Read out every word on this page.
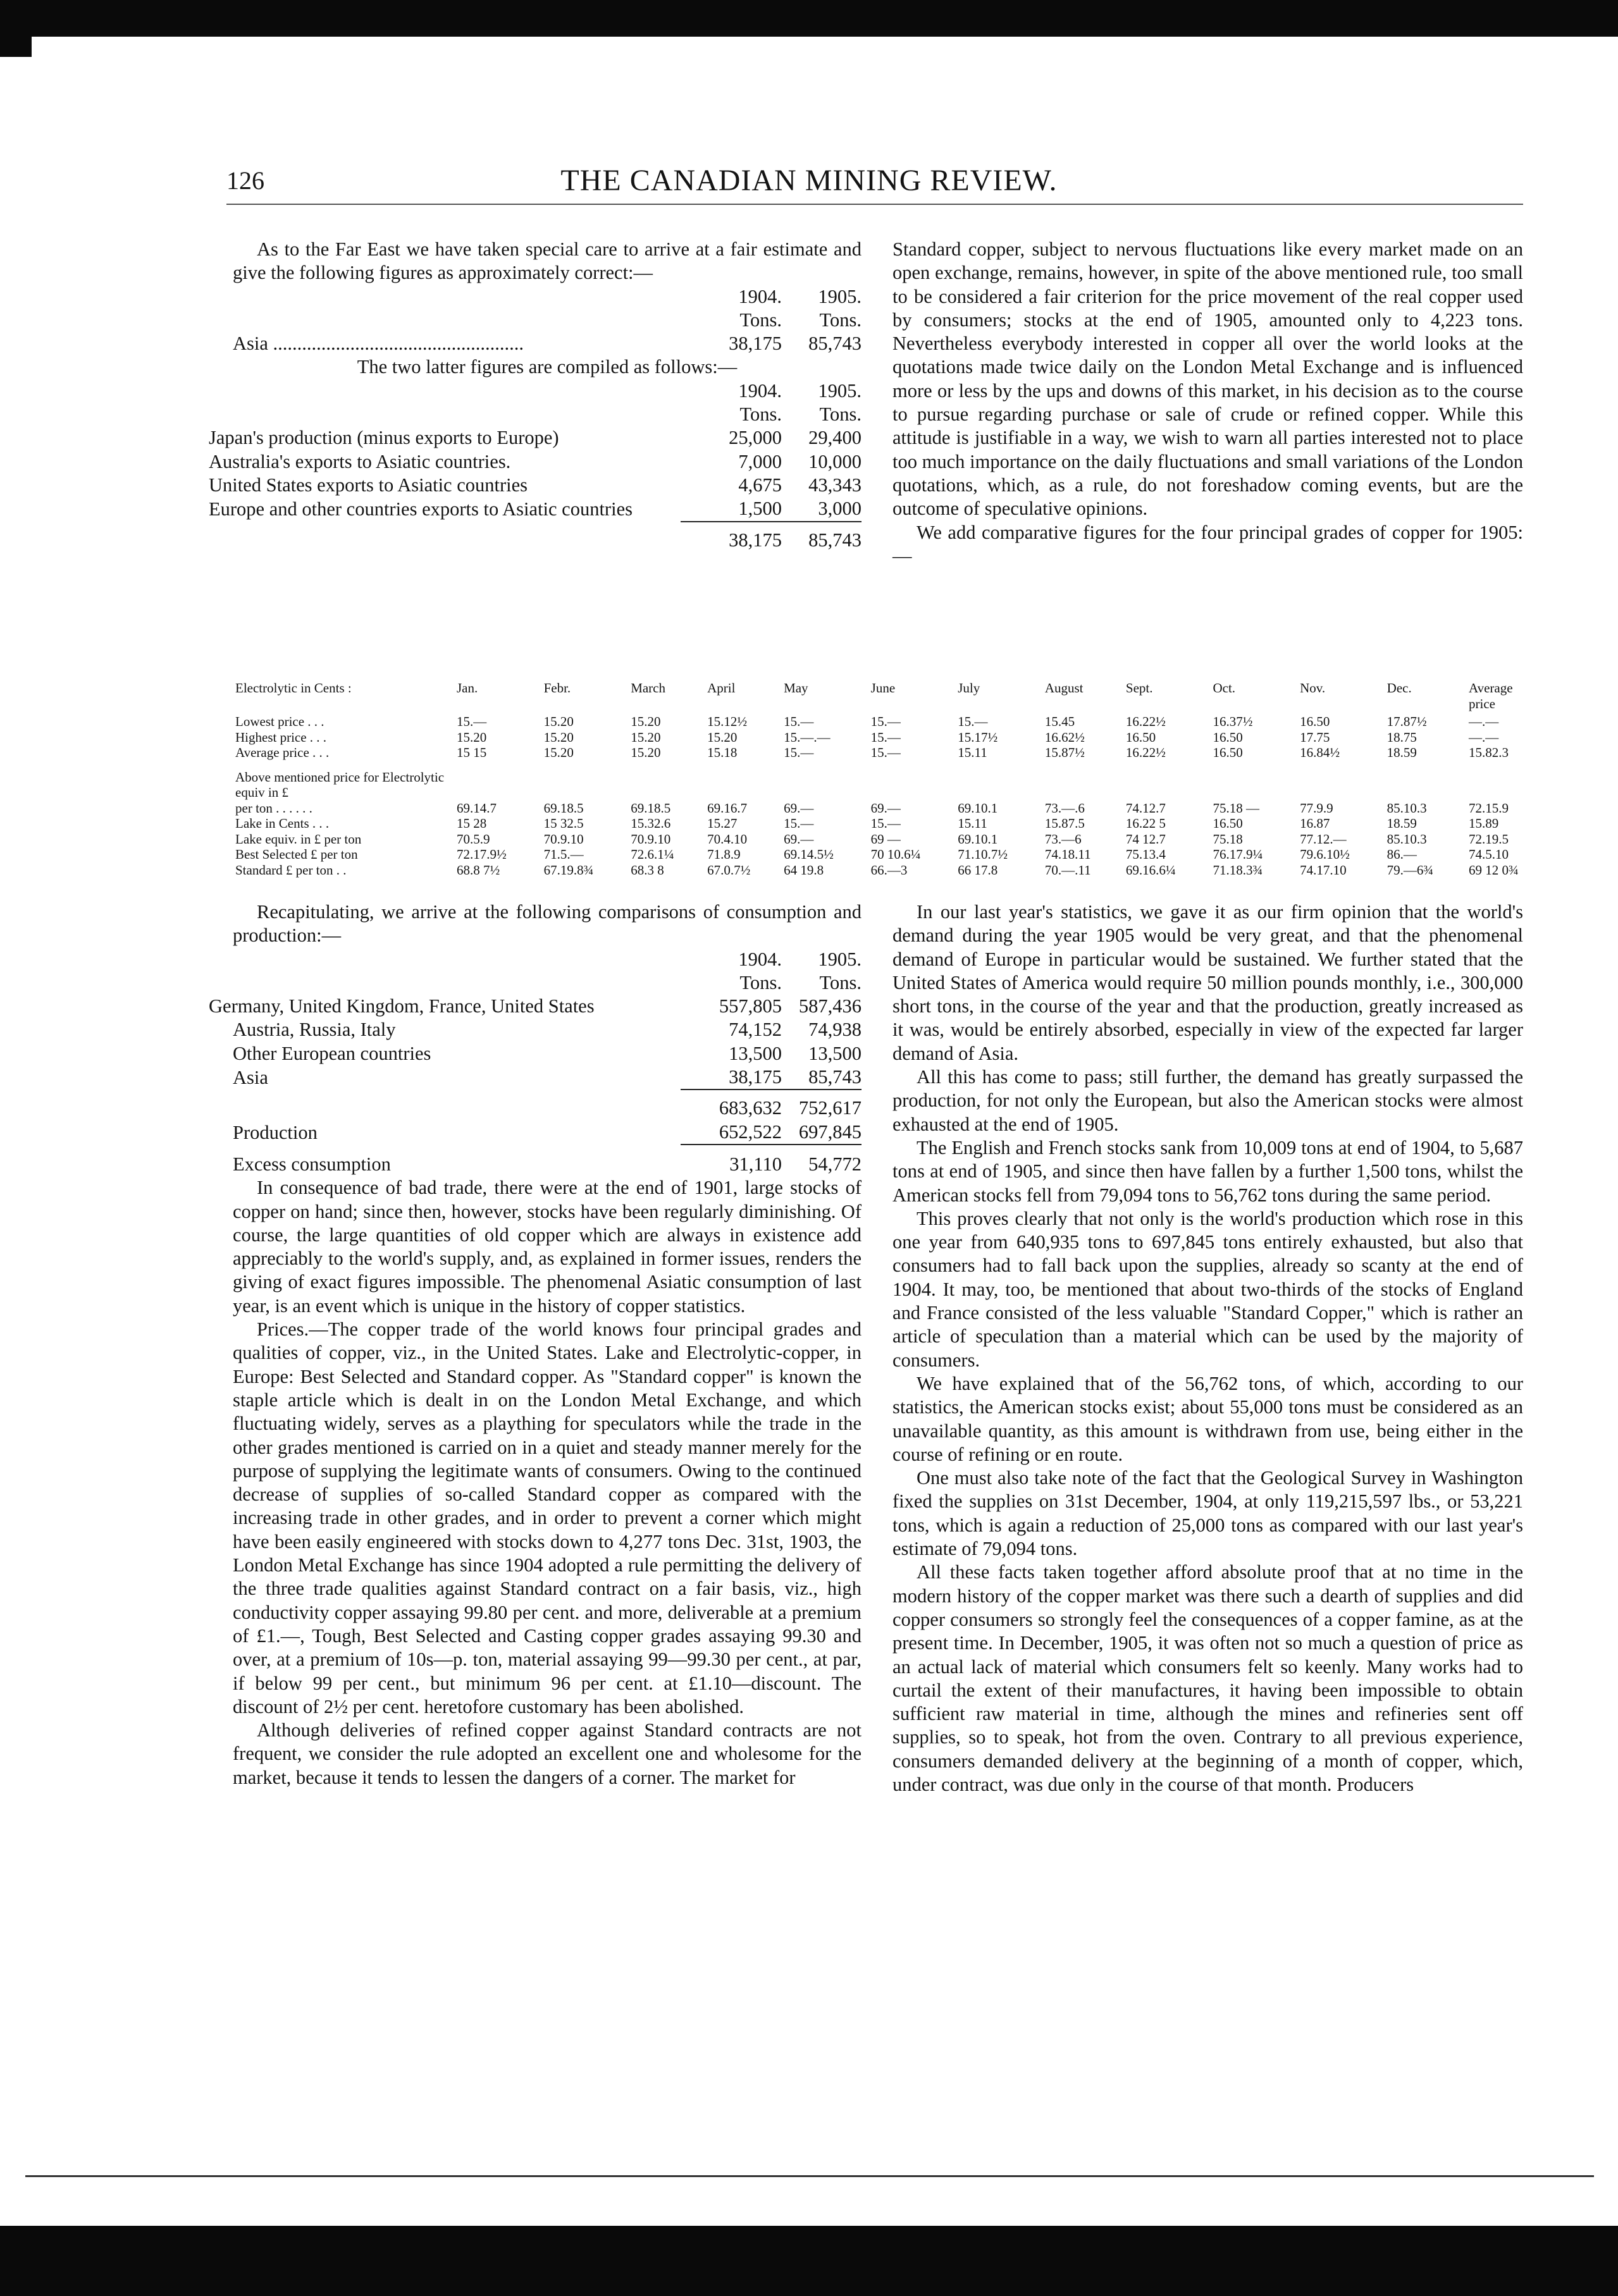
126	THE CANADIAN MINING REVIEW.

As to the Far East we have taken special care to arrive at a fair estimate and give the following figures as approximately correct:—

	1904.	1905.
	Tons.	Tons.
Asia .....	38,175	85,743

The two latter figures are compiled as follows:—

	1904.	1905.
	Tons.	Tons.
Japan's production (minus exports to Europe)	25,000	29,400
Australia's exports to Asiatic countries.	7,000	10,000
United States exports to Asiatic countries	4,675	43,343
Europe and other countries exports to Asiatic countries	1,500	3,000
	38,175	85,743

Standard copper, subject to nervous fluctuations like every market made on an open exchange, remains, however, in spite of the above mentioned rule, too small to be considered a fair criterion for the price movement of the real copper used by consumers; stocks at the end of 1905, amounted only to 4,223 tons. Nevertheless everybody interested in copper all over the world looks at the quotations made twice daily on the London Metal Exchange and is influenced more or less by the ups and downs of this market, in his decision as to the course to pursue regarding purchase or sale of crude or refined copper. While this attitude is justifiable in a way, we wish to warn all parties interested not to place too much importance on the daily fluctuations and small variations of the London quotations, which, as a rule, do not foreshadow coming events, but are the outcome of speculative opinions.

We add comparative figures for the four principal grades of copper for 1905:—

Electrolytic in Cents :	Jan.	Febr.	March	April	May	June	July	August	Sept.	Oct.	Nov.	Dec.	Average price
Lowest price . . .	15.—	15.20	15.20	15.12½	15.—	15.—	15.—	15.45	16.22½	16.37½	16.50	17.87½	—.—
Highest price . . .	15.20	15.20	15.20	15.20	15.—.—	15.—	15.17½	16.62½	16.50	16.50	17.75	18.75	—.—
Average price . . .	15 15	15.20	15.20	15.18	15.—	15.—	15.11	15.87½	16.22½	16.50	16.84½	18.59	15.82.3

Above mentioned price for Electrolytic equiv in £													
per ton . . . . . .	69.14.7	69.18.5	69.18.5	69.16.7	69.—	69.—	69.10.1	73.—.6	74.12.7	75.18 —	77.9.9	85.10.3	72.15.9
Lake in Cents . . .	15 28	15 32.5	15.32.6	15.27	15.—	15.—	15.11	15.87.5	16.22 5	16.50	16.87	18.59	15.89
Lake equiv. in £ per ton	70.5.9	70.9.10	70.9.10	70.4.10	69.—	69 —	69.10.1	73.—6	74 12.7	75.18	77.12.—	85.10.3	72.19.5
Best Selected £ per ton	72.17.9½	71.5.—	72.6.1¼	71.8.9	69.14.5½	70 10.6¼	71.10.7½	74.18.11	75.13.4	76.17.9¼	79.6.10½	86.—	74.5.10
Standard £ per ton . .	68.8 7½	67.19.8¾	68.3 8	67.0.7½	64 19.8	66.—3	66 17.8	70.—.11	69.16.6¼	71.18.3¾	74.17.10	79.—6¾	69 12 0¾

Recapitulating, we arrive at the following comparisons of consumption and production:—

	1904.	1905.
	Tons.	Tons.
Germany, United Kingdom, France, United States	557,805	587,436
Austria, Russia, Italy	74,152	74,938
Other European countries	13,500	13,500
Asia	38,175	85,743
	683,632	752,617
Production	652,522	697,845
Excess consumption	31,110	54,772

In consequence of bad trade, there were at the end of 1901, large stocks of copper on hand; since then, however, stocks have been regularly diminishing. Of course, the large quantities of old copper which are always in existence add appreciably to the world's supply, and, as explained in former issues, renders the giving of exact figures impossible. The phenomenal Asiatic consumption of last year, is an event which is unique in the history of copper statistics.

Prices.—The copper trade of the world knows four principal grades and qualities of copper, viz., in the United States. Lake and Electrolytic-copper, in Europe: Best Selected and Standard copper. As "Standard copper" is known the staple article which is dealt in on the London Metal Exchange, and which fluctuating widely, serves as a plaything for speculators while the trade in the other grades mentioned is carried on in a quiet and steady manner merely for the purpose of supplying the legitimate wants of consumers. Owing to the continued decrease of supplies of so-called Standard copper as compared with the increasing trade in other grades, and in order to prevent a corner which might have been easily engineered with stocks down to 4,277 tons Dec. 31st, 1903, the London Metal Exchange has since 1904 adopted a rule permitting the delivery of the three trade qualities against Standard contract on a fair basis, viz., high conductivity copper assaying 99.80 per cent. and more, deliverable at a premium of £1.—, Tough, Best Selected and Casting copper grades assaying 99.30 and over, at a premium of 10s—p. ton, material assaying 99—99.30 per cent., at par, if below 99 per cent., but minimum 96 per cent. at £1.10—discount. The discount of 2½ per cent. heretofore customary has been abolished.

Although deliveries of refined copper against Standard contracts are not frequent, we consider the rule adopted an excellent one and wholesome for the market, because it tends to lessen the dangers of a corner. The market for

In our last year's statistics, we gave it as our firm opinion that the world's demand during the year 1905 would be very great, and that the phenomenal demand of Europe in particular would be sustained. We further stated that the United States of America would require 50 million pounds monthly, i.e., 300,000 short tons, in the course of the year and that the production, greatly increased as it was, would be entirely absorbed, especially in view of the expected far larger demand of Asia.

All this has come to pass; still further, the demand has greatly surpassed the production, for not only the European, but also the American stocks were almost exhausted at the end of 1905.

The English and French stocks sank from 10,009 tons at end of 1904, to 5,687 tons at end of 1905, and since then have fallen by a further 1,500 tons, whilst the American stocks fell from 79,094 tons to 56,762 tons during the same period.

This proves clearly that not only is the world's production which rose in this one year from 640,935 tons to 697,845 tons entirely exhausted, but also that consumers had to fall back upon the supplies, already so scanty at the end of 1904. It may, too, be mentioned that about two-thirds of the stocks of England and France consisted of the less valuable "Standard Copper," which is rather an article of speculation than a material which can be used by the majority of consumers.

We have explained that of the 56,762 tons, of which, according to our statistics, the American stocks exist; about 55,000 tons must be considered as an unavailable quantity, as this amount is withdrawn from use, being either in the course of refining or en route.

One must also take note of the fact that the Geological Survey in Washington fixed the supplies on 31st December, 1904, at only 119,215,597 lbs., or 53,221 tons, which is again a reduction of 25,000 tons as compared with our last year's estimate of 79,094 tons.

All these facts taken together afford absolute proof that at no time in the modern history of the copper market was there such a dearth of supplies and did copper consumers so strongly feel the consequences of a copper famine, as at the present time. In December, 1905, it was often not so much a question of price as an actual lack of material which consumers felt so keenly. Many works had to curtail the extent of their manufactures, it having been impossible to obtain sufficient raw material in time, although the mines and refineries sent off supplies, so to speak, hot from the oven. Contrary to all previous experience, consumers demanded delivery at the beginning of a month of copper, which, under contract, was due only in the course of that month. Producers
